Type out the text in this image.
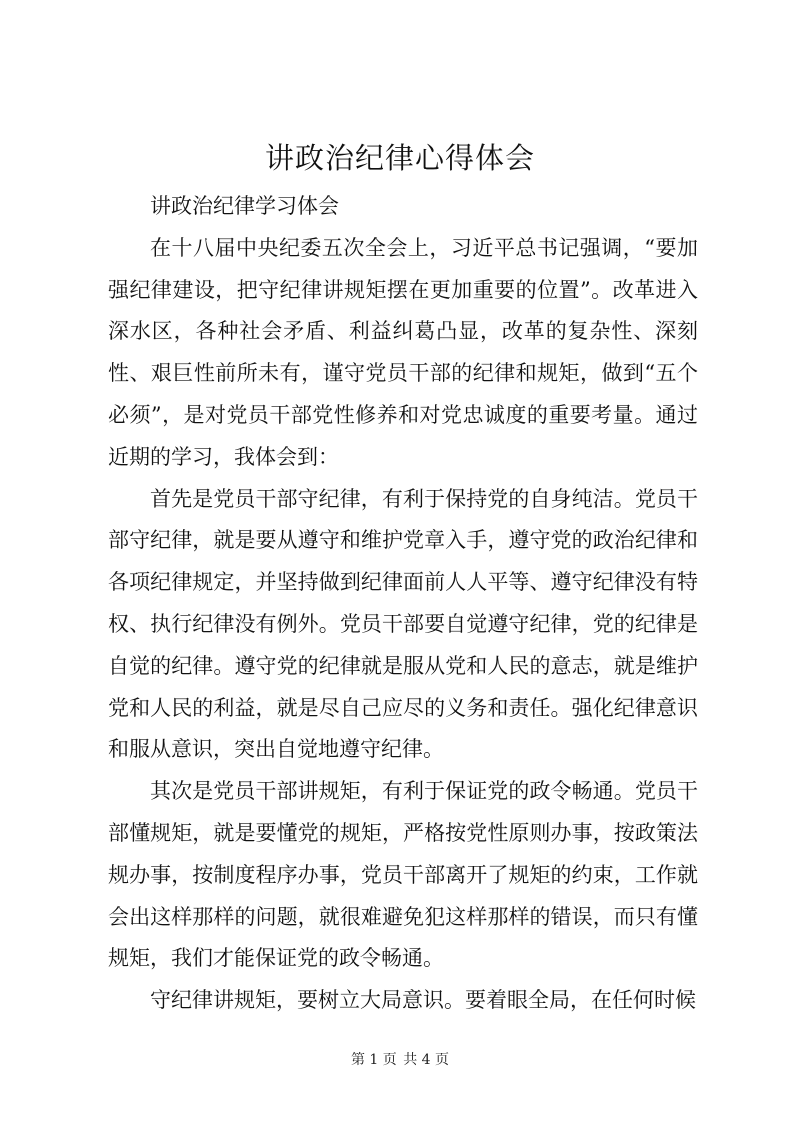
讲政治纪律心得体会

讲政治纪律学习体会

在十八届中央纪委五次全会上，习近平总书记强调，“要加强纪律建设，把守纪律讲规矩摆在更加重要的位置”。改革进入深水区，各种社会矛盾、利益纠葛凸显，改革的复杂性、深刻性、艰巨性前所未有，谨守党员干部的纪律和规矩，做到“五个必须”，是对党员干部党性修养和对党忠诚度的重要考量。通过近期的学习，我体会到：

首先是党员干部守纪律，有利于保持党的自身纯洁。党员干部守纪律，就是要从遵守和维护党章入手，遵守党的政治纪律和各项纪律规定，并坚持做到纪律面前人人平等、遵守纪律没有特权、执行纪律没有例外。党员干部要自觉遵守纪律，党的纪律是自觉的纪律。遵守党的纪律就是服从党和人民的意志，就是维护党和人民的利益，就是尽自己应尽的义务和责任。强化纪律意识和服从意识，突出自觉地遵守纪律。

其次是党员干部讲规矩，有利于保证党的政令畅通。党员干部懂规矩，就是要懂党的规矩，严格按党性原则办事，按政策法规办事，按制度程序办事，党员干部离开了规矩的约束，工作就会出这样那样的问题，就很难避免犯这样那样的错误，而只有懂规矩，我们才能保证党的政令畅通。

守纪律讲规矩，要树立大局意识。要着眼全局，在任何时候

第 1 页 共 4 页
